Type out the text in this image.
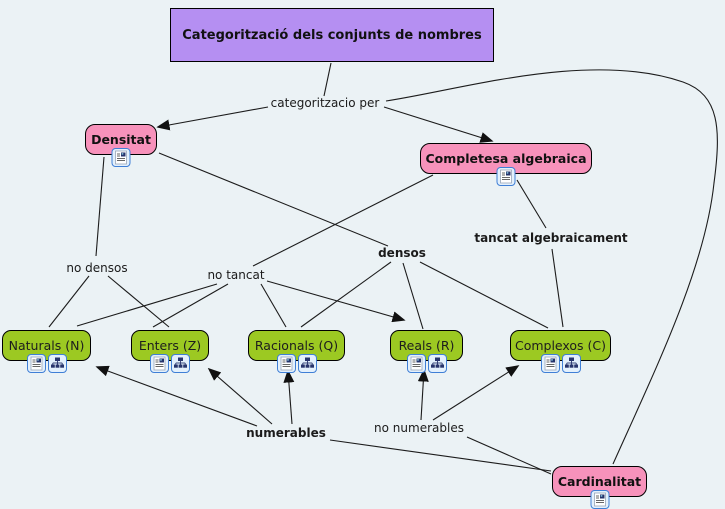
Categorització dels conjunts de nombres
Densitat
Completesa algebraica
Cardinalitat
Naturals (N)	Enters (Z)	Racionals (Q)	Reals (R)	Complexos (C)
categoritzacio per
no densos	no tancat
densos
tancat algebraicament
numerables	no numerables
